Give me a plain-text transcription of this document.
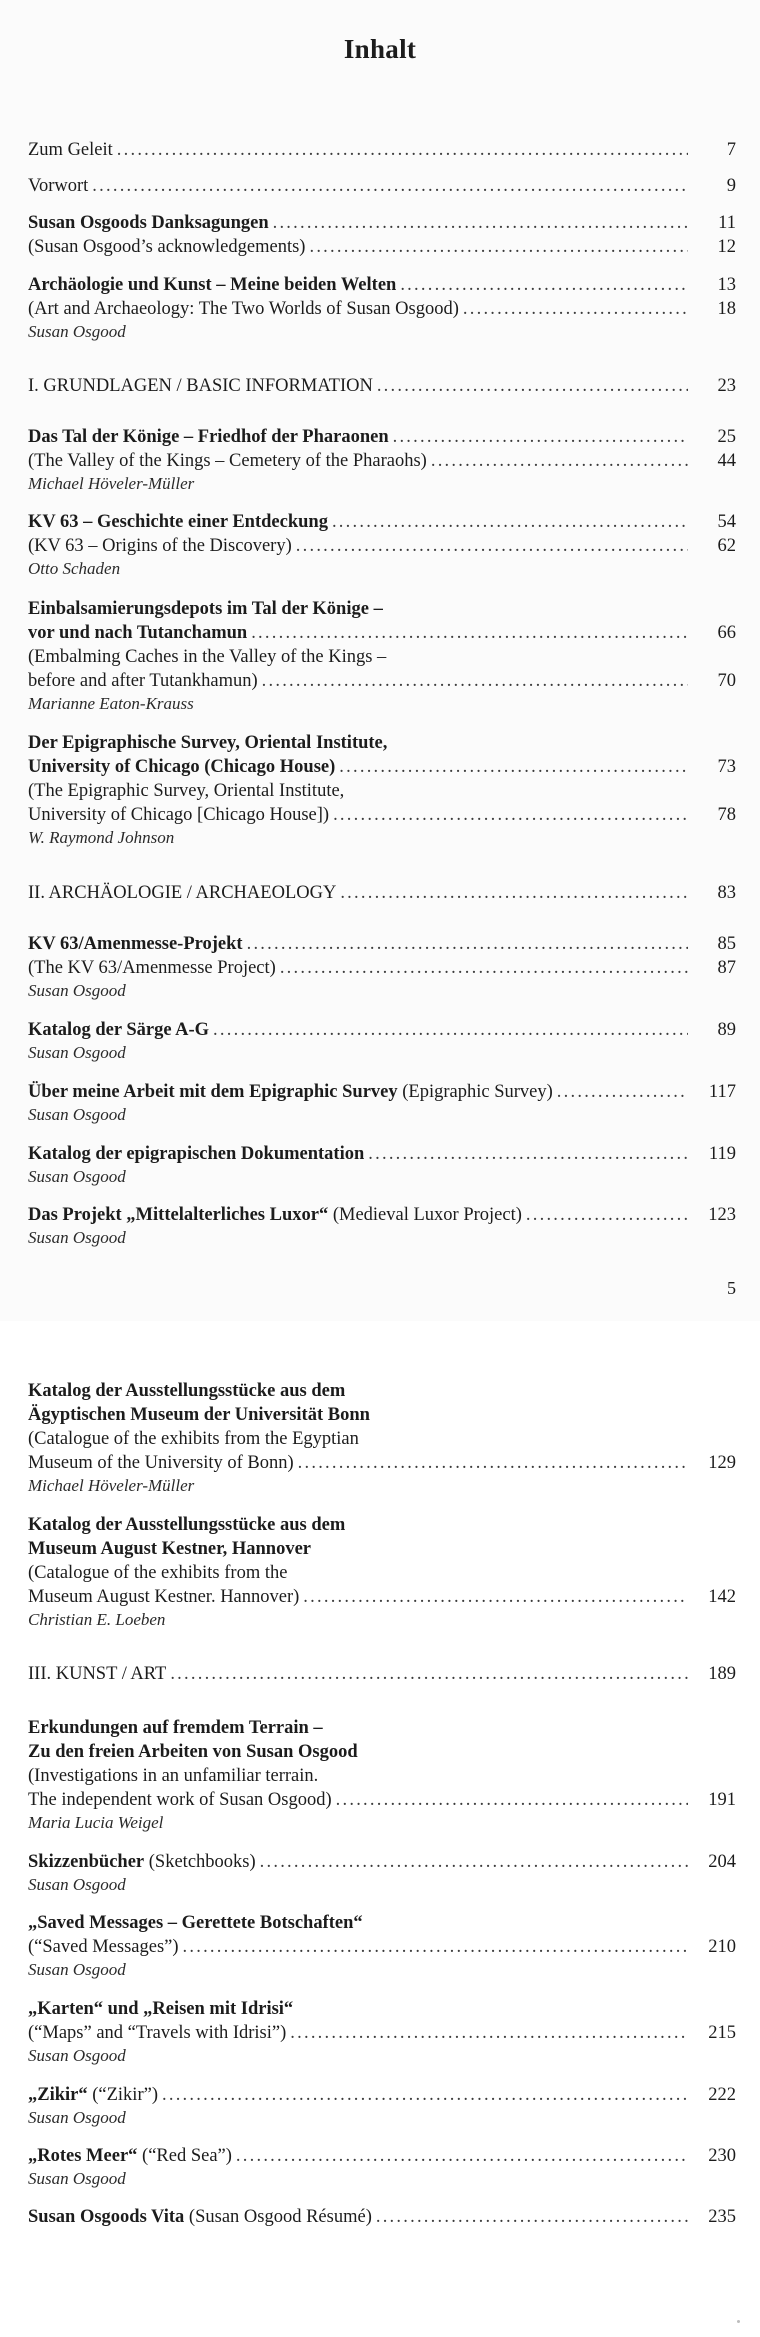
Inhalt
Zum Geleit . . .	7
Vorwort . . .	9
Susan Osgoods Danksagungen . . .	11
(Susan Osgood’s acknowledgements) . . .	12
Archäologie und Kunst – Meine beiden Welten . . .	13
(Art and Archaeology: The Two Worlds of Susan Osgood) . . .	18
Susan Osgood
I. GRUNDLAGEN / BASIC INFORMATION . . .	23
Das Tal der Könige – Friedhof der Pharaonen . . .	25
(The Valley of the Kings – Cemetery of the Pharaohs) . . .	44
Michael Höveler-Müller
KV 63 – Geschichte einer Entdeckung . . .	54
(KV 63 – Origins of the Discovery) . . .	62
Otto Schaden
Einbalsamierungsdepots im Tal der Könige –
vor und nach Tutanchamun . . .	66
(Embalming Caches in the Valley of the Kings –
before and after Tutankhamun) . . .	70
Marianne Eaton-Krauss
Der Epigraphische Survey, Oriental Institute,
University of Chicago (Chicago House) . . .	73
(The Epigraphic Survey, Oriental Institute,
University of Chicago [Chicago House]) . . .	78
W. Raymond Johnson
II. ARCHÄOLOGIE / ARCHAEOLOGY . . .	83
KV 63/Amenmesse-Projekt . . .	85
(The KV 63/Amenmesse Project) . . .	87
Susan Osgood
Katalog der Särge A-G . . .	89
Susan Osgood
Über meine Arbeit mit dem Epigraphic Survey (Epigraphic Survey) . . .	117
Susan Osgood
Katalog der epigrapischen Dokumentation . . .	119
Susan Osgood
Das Projekt „Mittelalterliches Luxor“ (Medieval Luxor Project) . . .	123
Susan Osgood
5
Katalog der Ausstellungsstücke aus dem
Ägyptischen Museum der Universität Bonn
(Catalogue of the exhibits from the Egyptian
Museum of the University of Bonn) . . .	129
Michael Höveler-Müller
Katalog der Ausstellungsstücke aus dem
Museum August Kestner, Hannover
(Catalogue of the exhibits from the
Museum August Kestner. Hannover) . . .	142
Christian E. Loeben
III. KUNST / ART . . .	189
Erkundungen auf fremdem Terrain –
Zu den freien Arbeiten von Susan Osgood
(Investigations in an unfamiliar terrain.
The independent work of Susan Osgood) . . .	191
Maria Lucia Weigel
Skizzenbücher (Sketchbooks) . . .	204
Susan Osgood
„Saved Messages – Gerettete Botschaften“
(“Saved Messages”) . . .	210
Susan Osgood
„Karten“ und „Reisen mit Idrisi“
(“Maps” and “Travels with Idrisi”) . . .	215
Susan Osgood
„Zikir“ (“Zikir”) . . .	222
Susan Osgood
„Rotes Meer“ (“Red Sea”) . . .	230
Susan Osgood
Susan Osgoods Vita (Susan Osgood Résumé) . . .	235
